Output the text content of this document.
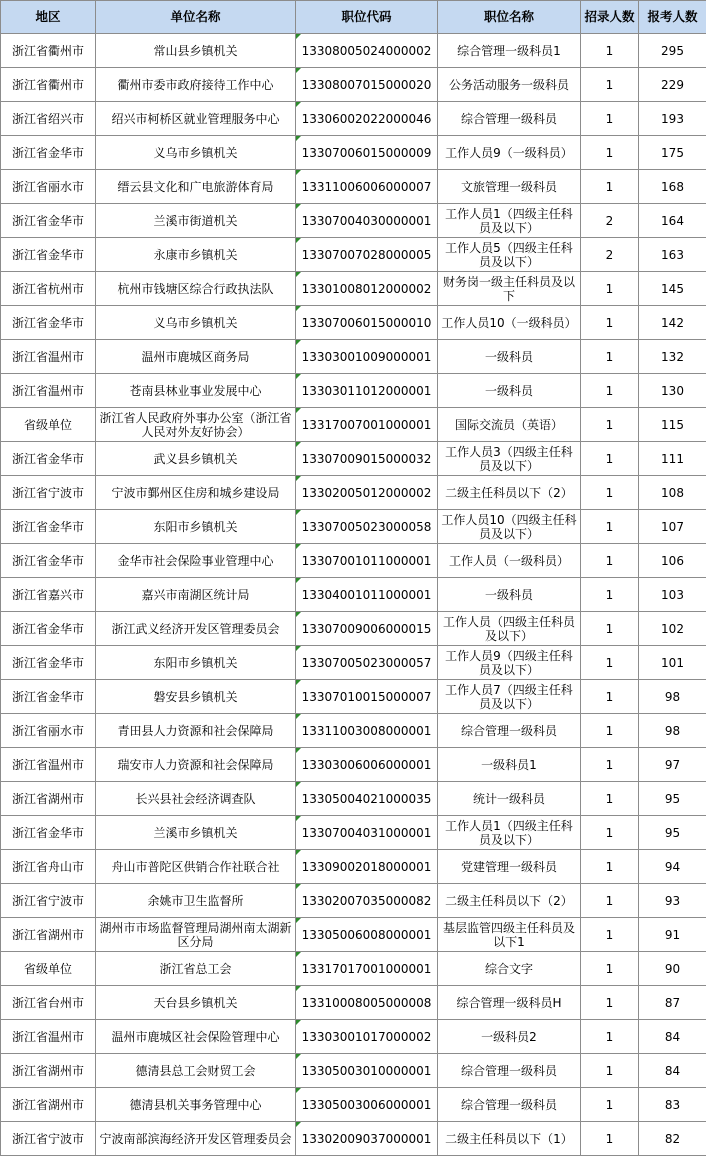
地区	单位名称	职位代码	职位名称	招录人数	报考人数
浙江省衢州市	常山县乡镇机关	13308005024000002	综合管理一级科员1	1	295
浙江省衢州市	衢州市委市政府接待工作中心	13308007015000020	公务活动服务一级科员	1	229
浙江省绍兴市	绍兴市柯桥区就业管理服务中心	13306002022000046	综合管理一级科员	1	193
浙江省金华市	义乌市乡镇机关	13307006015000009	工作人员9（一级科员）	1	175
浙江省丽水市	缙云县文化和广电旅游体育局	13311006006000007	文旅管理一级科员	1	168
浙江省金华市	兰溪市街道机关	13307004030000001	工作人员1（四级主任科员及以下）	2	164
浙江省金华市	永康市乡镇机关	13307007028000005	工作人员5（四级主任科员及以下）	2	163
浙江省杭州市	杭州市钱塘区综合行政执法队	13301008012000002	财务岗一级主任科员及以下	1	145
浙江省金华市	义乌市乡镇机关	13307006015000010	工作人员10（一级科员）	1	142
浙江省温州市	温州市鹿城区商务局	13303001009000001	一级科员	1	132
浙江省温州市	苍南县林业事业发展中心	13303011012000001	一级科员	1	130
省级单位	浙江省人民政府外事办公室（浙江省人民对外友好协会）	13317007001000001	国际交流员（英语）	1	115
浙江省金华市	武义县乡镇机关	13307009015000032	工作人员3（四级主任科员及以下）	1	111
浙江省宁波市	宁波市鄞州区住房和城乡建设局	13302005012000002	二级主任科员以下（2）	1	108
浙江省金华市	东阳市乡镇机关	13307005023000058	工作人员10（四级主任科员及以下）	1	107
浙江省金华市	金华市社会保险事业管理中心	13307001011000001	工作人员（一级科员）	1	106
浙江省嘉兴市	嘉兴市南湖区统计局	13304001011000001	一级科员	1	103
浙江省金华市	浙江武义经济开发区管理委员会	13307009006000015	工作人员（四级主任科员及以下）	1	102
浙江省金华市	东阳市乡镇机关	13307005023000057	工作人员9（四级主任科员及以下）	1	101
浙江省金华市	磐安县乡镇机关	13307010015000007	工作人员7（四级主任科员及以下）	1	98
浙江省丽水市	青田县人力资源和社会保障局	13311003008000001	综合管理一级科员	1	98
浙江省温州市	瑞安市人力资源和社会保障局	13303006006000001	一级科员1	1	97
浙江省湖州市	长兴县社会经济调查队	13305004021000035	统计一级科员	1	95
浙江省金华市	兰溪市乡镇机关	13307004031000001	工作人员1（四级主任科员及以下）	1	95
浙江省舟山市	舟山市普陀区供销合作社联合社	13309002018000001	党建管理一级科员	1	94
浙江省宁波市	余姚市卫生监督所	13302007035000082	二级主任科员以下（2）	1	93
浙江省湖州市	湖州市市场监督管理局湖州南太湖新区分局	13305006008000001	基层监管四级主任科员及以下1	1	91
省级单位	浙江省总工会	13317017001000001	综合文字	1	90
浙江省台州市	天台县乡镇机关	13310008005000008	综合管理一级科员H	1	87
浙江省温州市	温州市鹿城区社会保险管理中心	13303001017000002	一级科员2	1	84
浙江省湖州市	德清县总工会财贸工会	13305003010000001	综合管理一级科员	1	84
浙江省湖州市	德清县机关事务管理中心	13305003006000001	综合管理一级科员	1	83
浙江省宁波市	宁波南部滨海经济开发区管理委员会	13302009037000001	二级主任科员以下（1）	1	82
